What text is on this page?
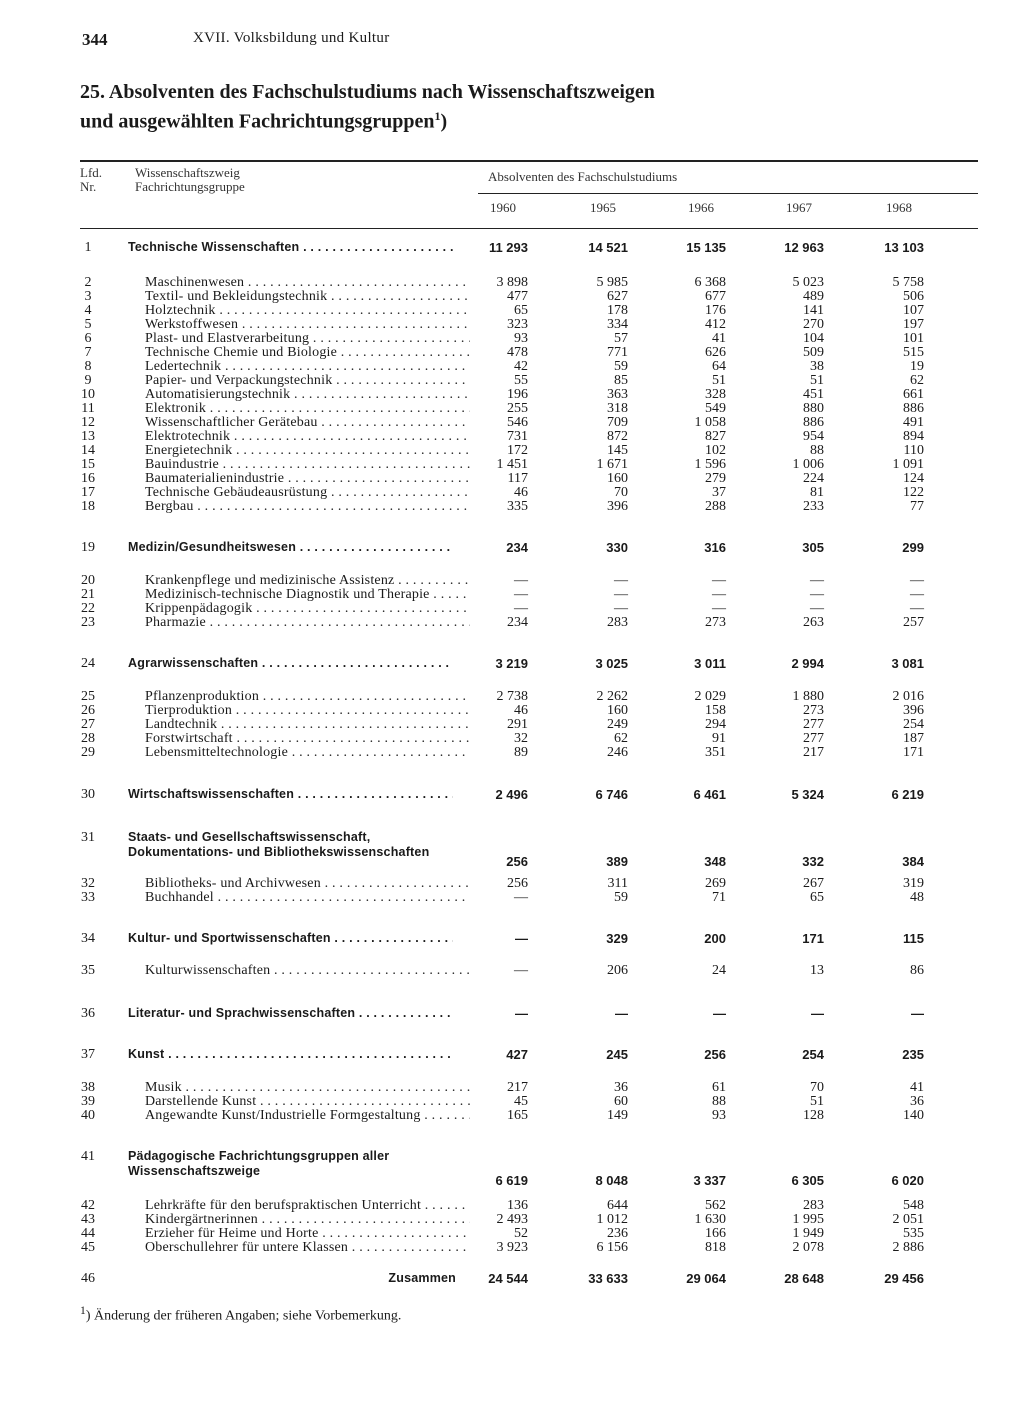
344	XVII. Volksbildung und Kultur
25. Absolventen des Fachschulstudiums nach Wissenschaftszweigen
und ausgewählten Fachrichtungsgruppen$^1$)
Lfd.
Nr.
Wissenschaftszweig
Fachrichtungsgruppe
Absolventen des Fachschulstudiums
1960	1965	1966	1967	1968
1	Technische Wissenschaften . . .	11 293	14 521	15 135	12 963	13 103
2	Maschinenwesen . . .	3 898	5 985	6 368	5 023	5 758
3	Textil- und Bekleidungstechnik . . .	477	627	677	489	506
4	Holztechnik . . .	65	178	176	141	107
5	Werkstoffwesen . . .	323	334	412	270	197
6	Plast- und Elastverarbeitung . . .	93	57	41	104	101
7	Technische Chemie und Biologie . . .	478	771	626	509	515
8	Ledertechnik . . .	42	59	64	38	19
9	Papier- und Verpackungstechnik . . .	55	85	51	51	62
10	Automatisierungstechnik . . .	196	363	328	451	661
11	Elektronik . . .	255	318	549	880	886
12	Wissenschaftlicher Gerätebau . . .	546	709	1 058	886	491
13	Elektrotechnik . . .	731	872	827	954	894
14	Energietechnik . . .	172	145	102	88	110
15	Bauindustrie . . .	1 451	1 671	1 596	1 006	1 091
16	Baumaterialienindustrie . . .	117	160	279	224	124
17	Technische Gebäudeausrüstung . . .	46	70	37	81	122
18	Bergbau . . .	335	396	288	233	77
19	Medizin/Gesundheitswesen . . .	234	330	316	305	299
20	Krankenpflege und medizinische Assistenz . . .	—	—	—	—	—
21	Medizinisch-technische Diagnostik und Therapie . . .	—	—	—	—	—
22	Krippenpädagogik . . .	—	—	—	—	—
23	Pharmazie . . .	234	283	273	263	257
24	Agrarwissenschaften . . .	3 219	3 025	3 011	2 994	3 081
25	Pflanzenproduktion . . .	2 738	2 262	2 029	1 880	2 016
26	Tierproduktion . . .	46	160	158	273	396
27	Landtechnik . . .	291	249	294	277	254
28	Forstwirtschaft . . .	32	62	91	277	187
29	Lebensmitteltechnologie . . .	89	246	351	217	171
30	Wirtschaftswissenschaften . . .	2 496	6 746	6 461	5 324	6 219
31	Staats- und Gesellschaftswissenschaft, Dokumentations- und Bibliothekswissenschaften
256	389	348	332	384
32	Bibliotheks- und Archivwesen . . .	256	311	269	267	319
33	Buchhandel . . .	—	59	71	65	48
34	Kultur- und Sportwissenschaften . . .	—	329	200	171	115
35	Kulturwissenschaften . . .	—	206	24	13	86
36	Literatur- und Sprachwissenschaften . . .	—	—	—	—	—
37	Kunst . . .	427	245	256	254	235
38	Musik . . .	217	36	61	70	41
39	Darstellende Kunst . . .	45	60	88	51	36
40	Angewandte Kunst/Industrielle Formgestaltung . . .	165	149	93	128	140
41	Pädagogische Fachrichtungsgruppen aller Wissenschaftszweige
6 619	8 048	3 337	6 305	6 020
42	Lehrkräfte für den berufspraktischen Unterricht . . .	136	644	562	283	548
43	Kindergärtnerinnen . . .	2 493	1 012	1 630	1 995	2 051
44	Erzieher für Heime und Horte . . .	52	236	166	1 949	535
45	Oberschullehrer für untere Klassen . . .	3 923	6 156	818	2 078	2 886
46	Zusammen	24 544	33 633	29 064	28 648	29 456
$^1$) Änderung der früheren Angaben; siehe Vorbemerkung.
